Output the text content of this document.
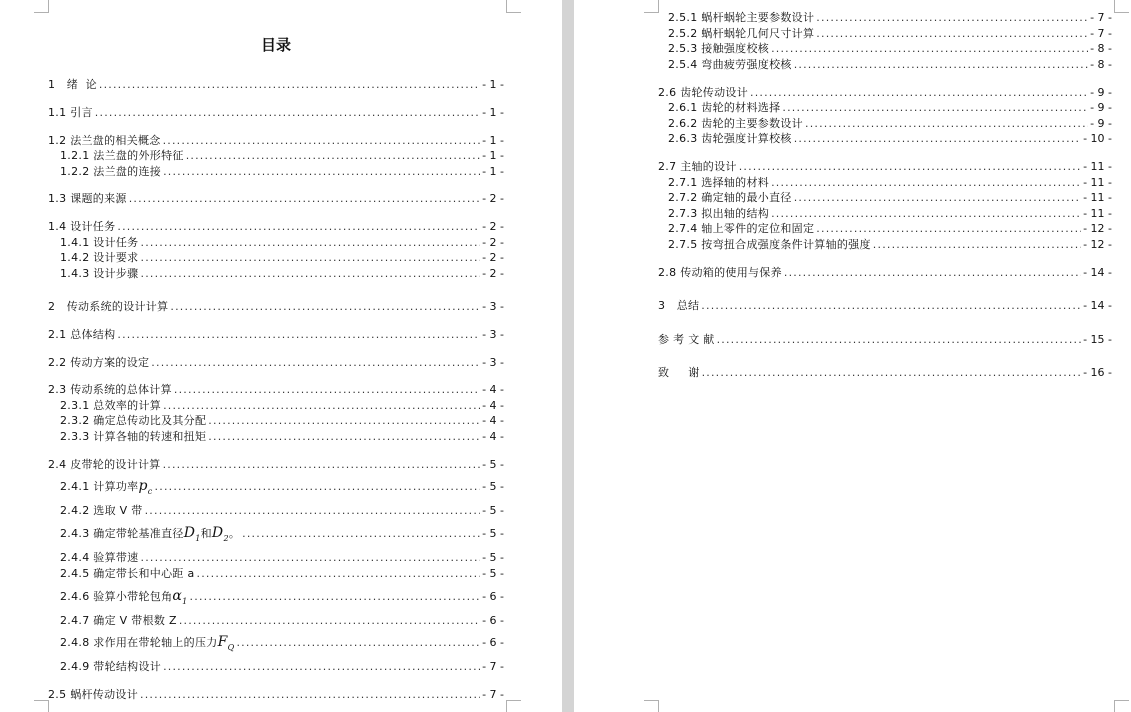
目录
1   绪  论 .....	- 1 -
1.1 引言 .....	- 1 -
1.2 法兰盘的相关概念 .....	- 1 -
1.2.1 法兰盘的外形特征 .....	- 1 -
1.2.2 法兰盘的连接 .....	- 1 -
1.3 课题的来源 .....	- 2 -
1.4 设计任务 .....	- 2 -
1.4.1 设计任务 .....	- 2 -
1.4.2 设计要求 .....	- 2 -
1.4.3 设计步骤 .....	- 2 -
2   传动系统的设计计算 .....	- 3 -
2.1 总体结构 .....	- 3 -
2.2 传动方案的设定 .....	- 3 -
2.3 传动系统的总体计算 .....	- 4 -
2.3.1 总效率的计算 .....	- 4 -
2.3.2 确定总传动比及其分配 .....	- 4 -
2.3.3 计算各轴的转速和扭矩 .....	- 4 -
2.4 皮带轮的设计计算 .....	- 5 -
2.4.1 计算功率$p_c$ .....	- 5 -
2.4.2 选取 V 带 .....	- 5 -
2.4.3 确定带轮基准直径$D_1$和$D_2$。 .....	- 5 -
2.4.4 验算带速 .....	- 5 -
2.4.5 确定带长和中心距 a .....	- 5 -
2.4.6 验算小带轮包角$\alpha_1$ .....	- 6 -
2.4.7 确定 V 带根数 Z .....	- 6 -
2.4.8 求作用在带轮轴上的压力$F_Q$ .....	- 6 -
2.4.9 带轮结构设计 .....	- 7 -
2.5 蜗杆传动设计 .....	- 7 -
2.5.1 蜗杆蜗轮主要参数设计 .....	- 7 -
2.5.2 蜗杆蜗轮几何尺寸计算 .....	- 7 -
2.5.3 接触强度校核 .....	- 8 -
2.5.4 弯曲疲劳强度校核 .....	- 8 -
2.6 齿轮传动设计 .....	- 9 -
2.6.1 齿轮的材料选择 .....	- 9 -
2.6.2 齿轮的主要参数设计 .....	- 9 -
2.6.3 齿轮强度计算校核 .....	- 10 -
2.7 主轴的设计 .....	- 11 -
2.7.1 选择轴的材料 .....	- 11 -
2.7.2 确定轴的最小直径 .....	- 11 -
2.7.3 拟出轴的结构 .....	- 11 -
2.7.4 轴上零件的定位和固定 .....	- 12 -
2.7.5 按弯扭合成强度条件计算轴的强度 .....	- 12 -
2.8 传动箱的使用与保养 .....	- 14 -
3   总结 .....	- 14 -
参 考 文 献 .....	- 15 -
致     谢 .....	- 16 -
